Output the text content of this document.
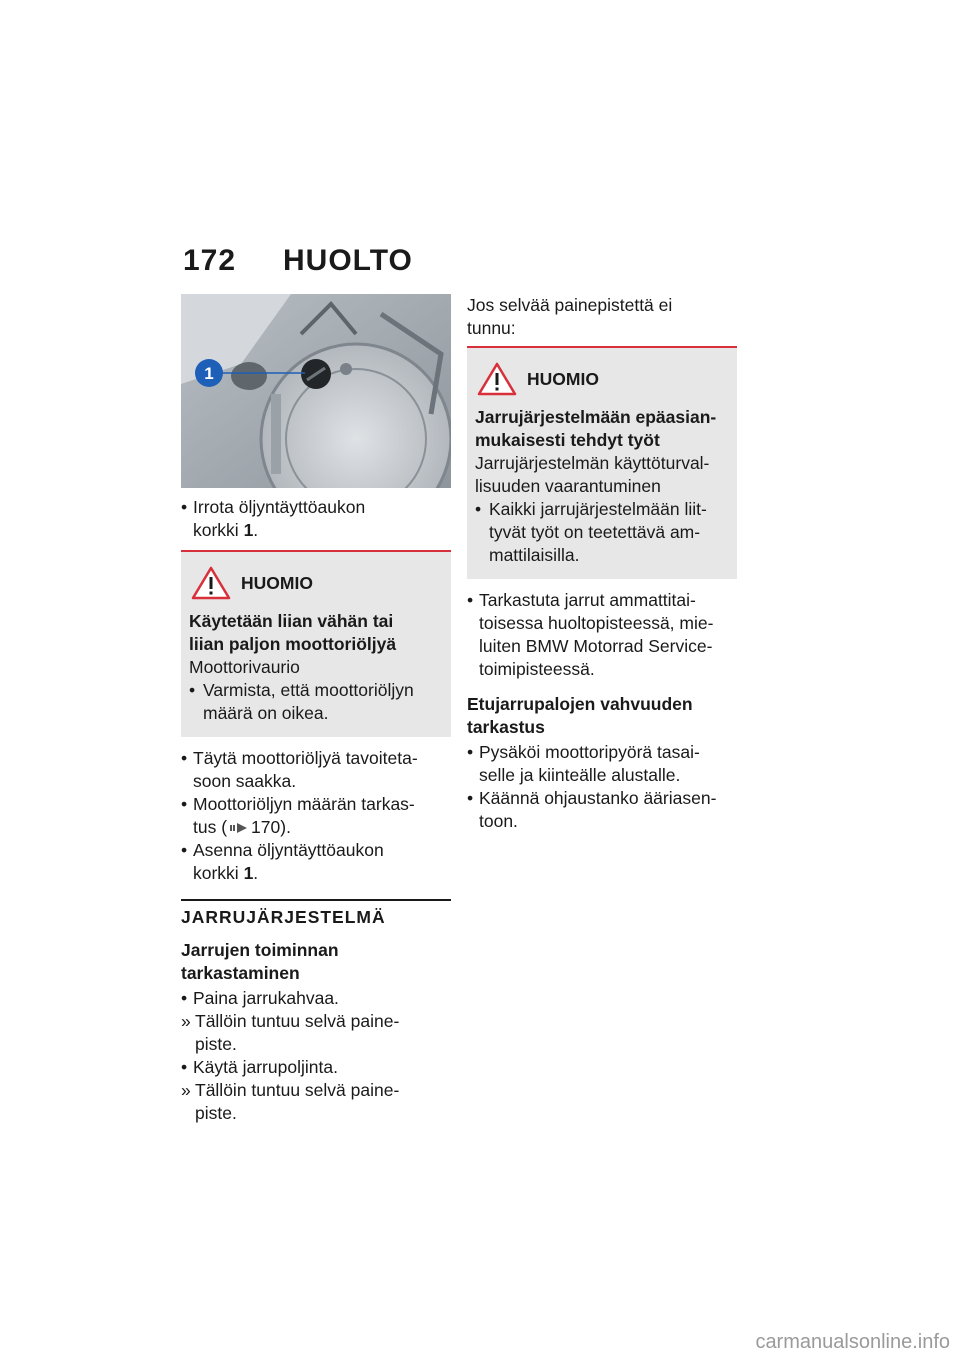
172 HUOLTO
1
• Irrota öljyntäyttöaukon
korkki 1.
HUOMIO
Käytetään liian vähän tai
liian paljon moottoriöljyä

Moottorivaurio

• Varmista, että moottoriöljyn
määrä on oikea.
• Täytä moottoriöljyä tavoiteta-
soon saakka.
• Moottoriöljyn määrän tarkas-
tus ( 170).
• Asenna öljyntäyttöaukon
korkki 1.
JARRUJÄRJESTELMÄ
Jarrujen toiminnan
tarkastaminen
• Paina jarrukahvaa.
» Tällöin tuntuu selvä paine-
piste.
• Käytä jarrupoljinta.
» Tällöin tuntuu selvä paine-
piste.

Jos selvää painepistettä ei
tunnu:

HUOMIO
Jarrujärjestelmään epäasian-
mukaisesti tehdyt työt

Jarrujärjestelmän käyttöturval-
lisuuden vaarantuminen

• Kaikki jarrujärjestelmään liit-
tyvät työt on teetettävä am-
mattilaisilla.
• Tarkastuta jarrut ammattitai-
toisessa huoltopisteessä, mie-
luiten BMW Motorrad Service-
toimipisteessä.
Etujarrupalojen vahvuuden
tarkastus
• Pysäköi moottoripyörä tasai-
selle ja kiinteälle alustalle.
• Käännä ohjaustanko ääriasen-
toon.
carmanualsonline.info
